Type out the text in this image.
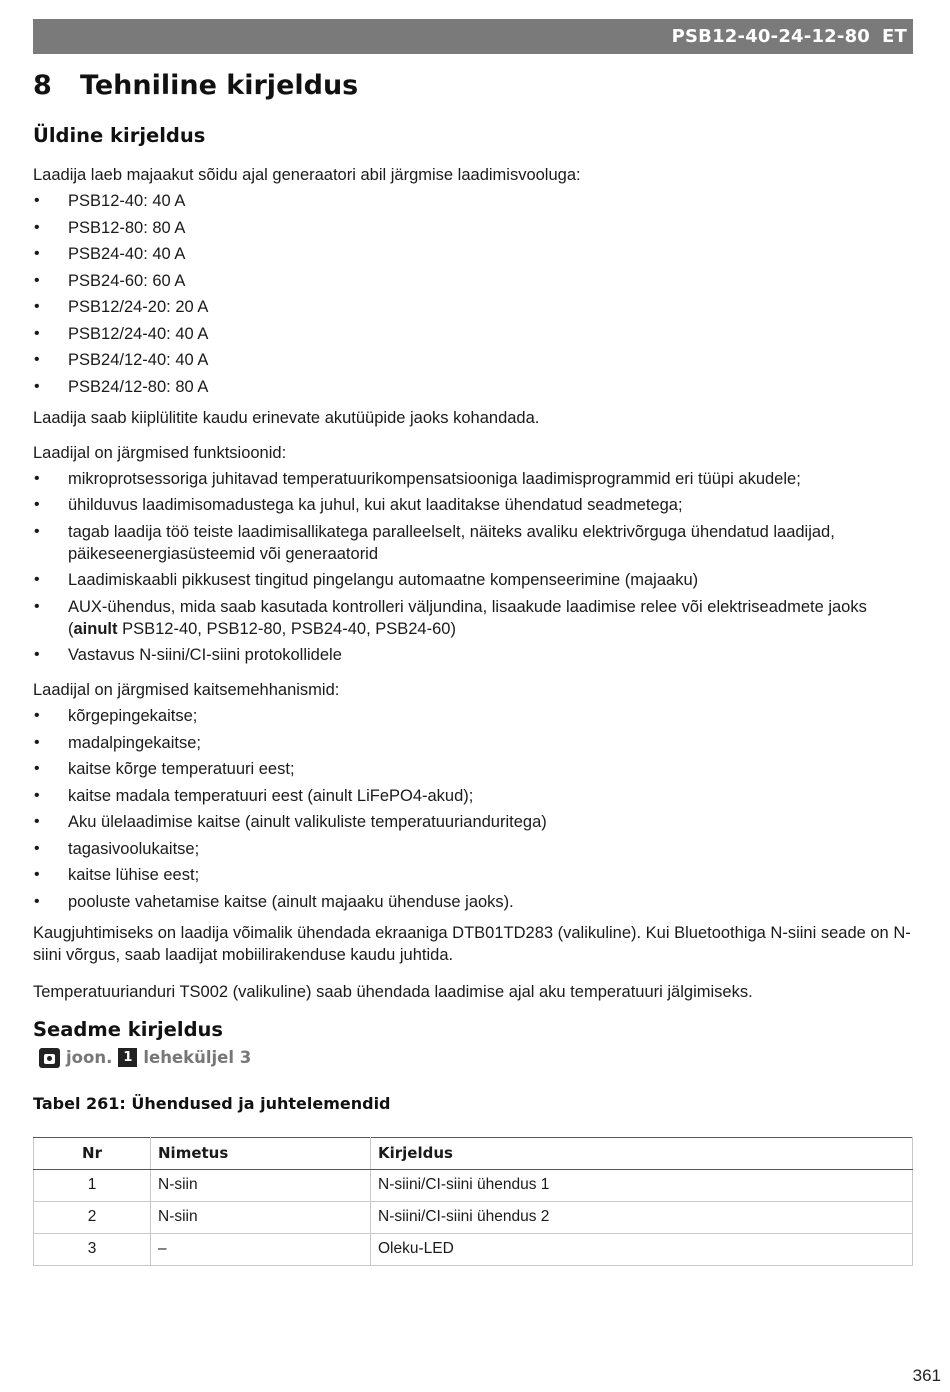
PSB12-40-24-12-80 ET
8	Tehniline kirjeldus
Üldine kirjeldus

Laadija laeb majaakut sõidu ajal generaatori abil järgmise laadimisvooluga:

• PSB12-40: 40 A
• PSB12-80: 80 A
• PSB24-40: 40 A
• PSB24-60: 60 A
• PSB12/24-20: 20 A
• PSB12/24-40: 40 A
• PSB24/12-40: 40 A
• PSB24/12-80: 80 A

Laadija saab kiiplülitite kaudu erinevate akutüüpide jaoks kohandada.

Laadijal on järgmised funktsioonid:

• mikroprotsessoriga juhitavad temperatuurikompensatsiooniga laadimisprogrammid eri tüüpi akudele;
• ühilduvus laadimisomadustega ka juhul, kui akut laaditakse ühendatud seadmetega;
• tagab laadija töö teiste laadimisallikatega paralleelselt, näiteks avaliku elektrivõrguga ühendatud laadijad, päikeseenergiasüsteemid või generaatorid
• Laadimiskaabli pikkusest tingitud pingelangu automaatne kompenseerimine (majaaku)
• AUX-ühendus, mida saab kasutada kontrolleri väljundina, lisaakude laadimise relee või elektriseadmete jaoks (ainult PSB12-40, PSB12-80, PSB24-40, PSB24-60)
• Vastavus N-siini/CI-siini protokollidele

Laadijal on järgmised kaitsemehhanismid:

• kõrgepingekaitse;
• madalpingekaitse;
• kaitse kõrge temperatuuri eest;
• kaitse madala temperatuuri eest (ainult LiFePO4-akud);
• Aku ülelaadimise kaitse (ainult valikuliste temperatuurianduritega)
• tagasivoolukaitse;
• kaitse lühise eest;
• pooluste vahetamise kaitse (ainult majaaku ühenduse jaoks).

Kaugjuhtimiseks on laadija võimalik ühendada ekraaniga DTB01TD283 (valikuline). Kui Bluetoothiga N-siini seade on N-siini võrgus, saab laadijat mobiilirakenduse kaudu juhtida.

Temperatuurianduri TS002 (valikuline) saab ühendada laadimise ajal aku temperatuuri jälgimiseks.

Seadme kirjeldus
joon. 1 leheküljel 3
Tabel 261: Ühendused ja juhtelemendid
Nr	Nimetus	Kirjeldus
1	N-siin	N-siini/CI-siini ühendus 1
2	N-siin	N-siini/CI-siini ühendus 2
3	–	Oleku-LED
361
